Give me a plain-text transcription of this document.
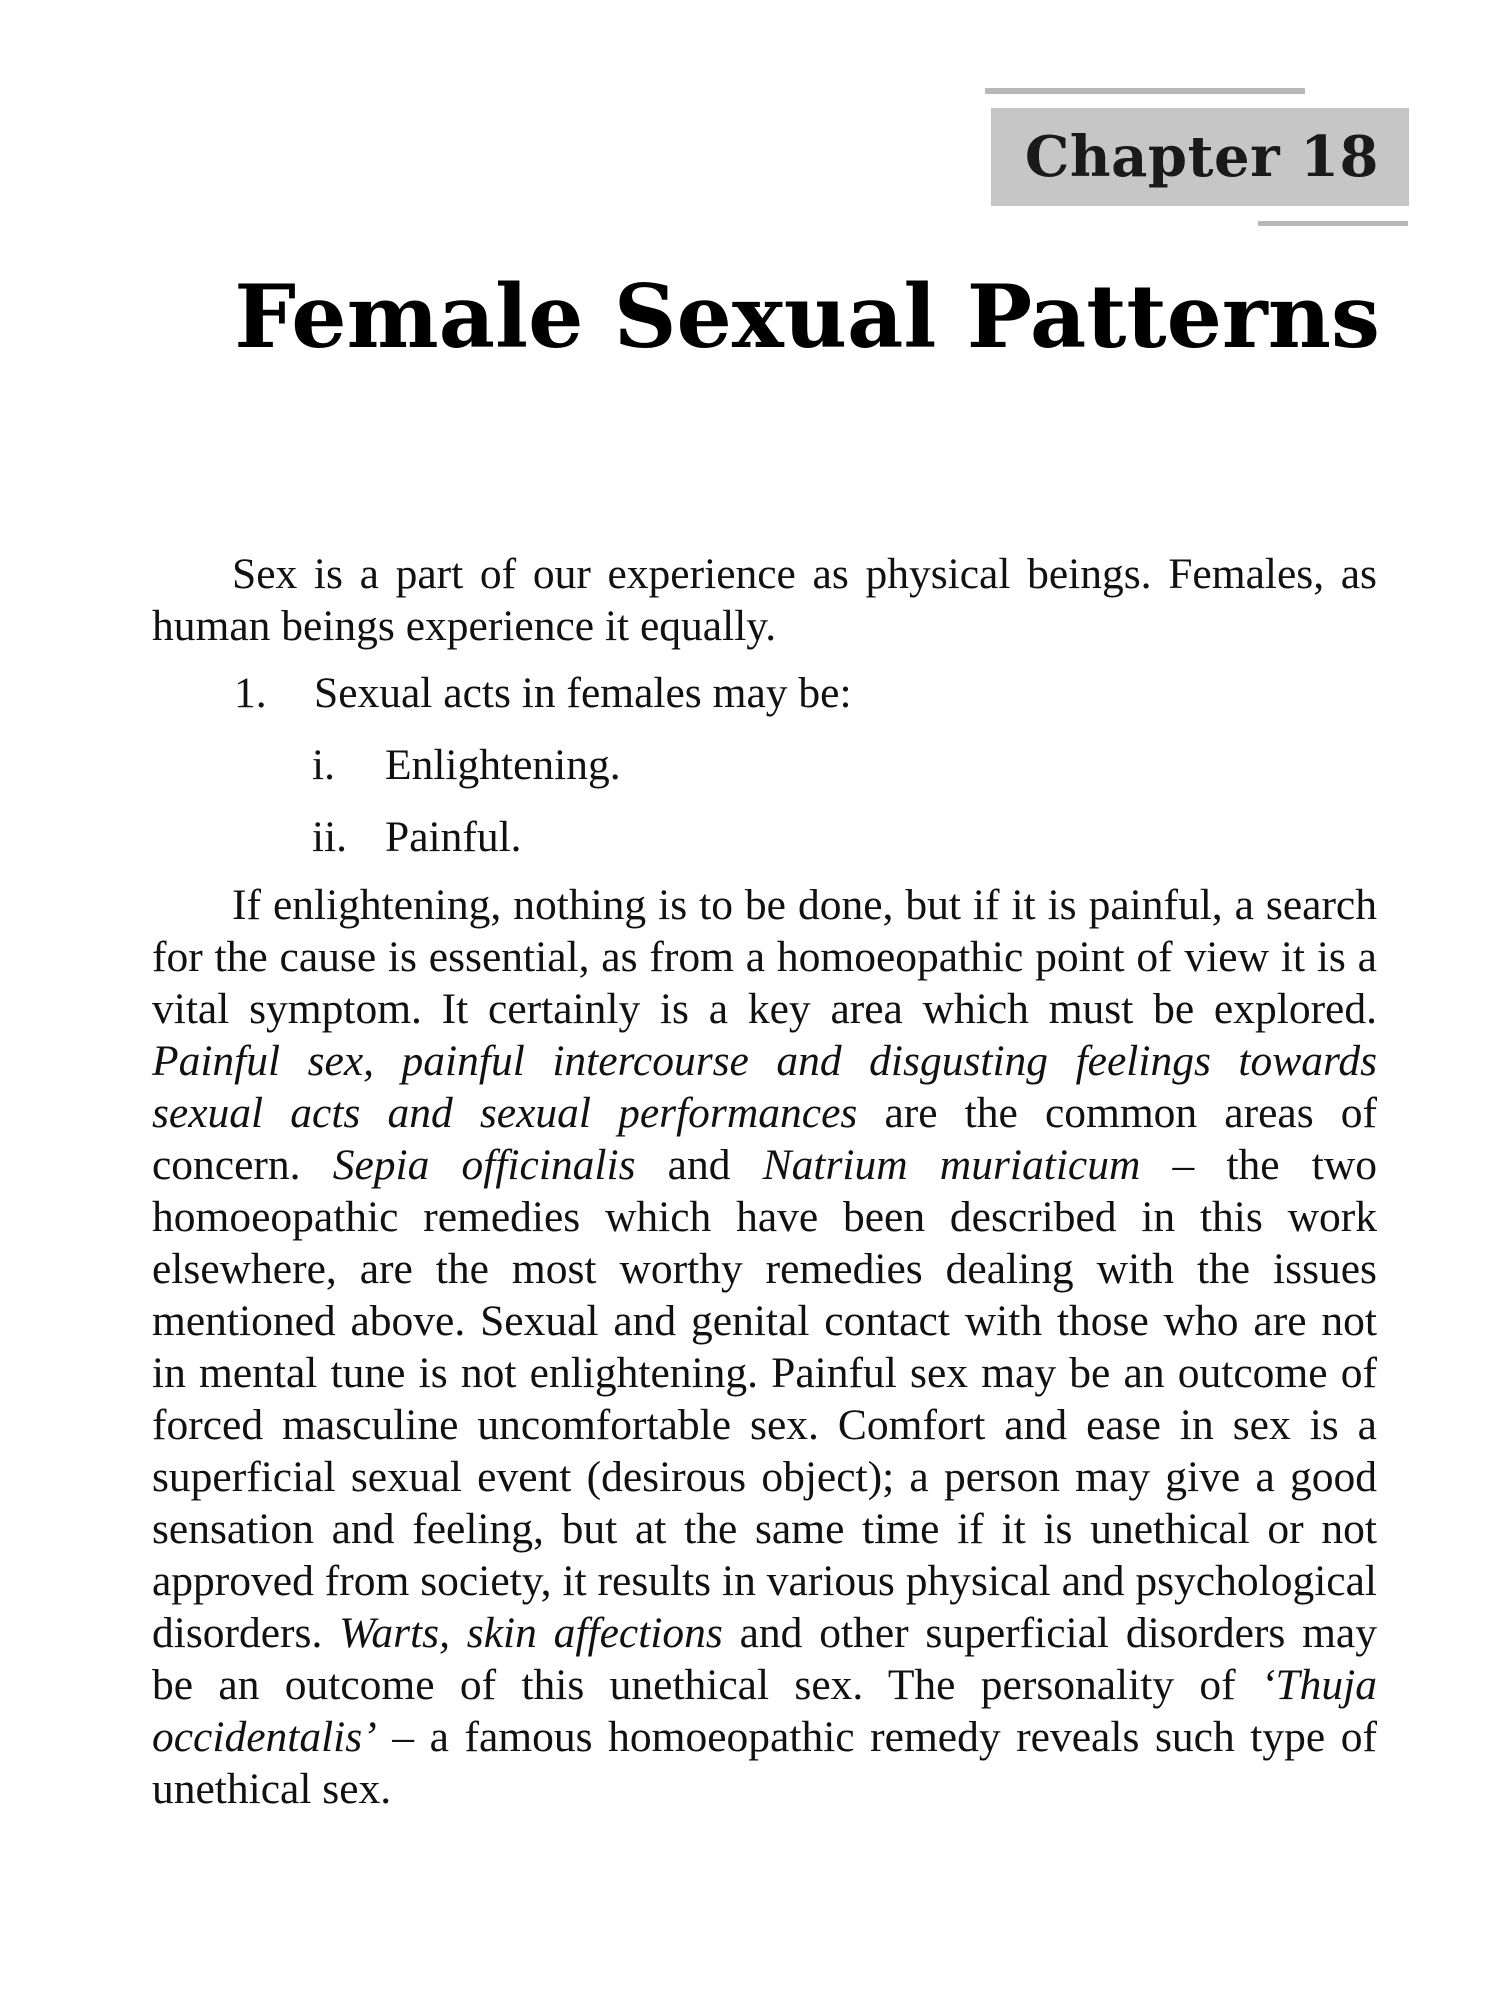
Chapter 18
Female Sexual Patterns

Sex is a part of our experience as physical beings. Females, as human beings experience it equally.

1.	Sexual acts in females may be:
i.	Enlightening.
ii. Painful.

If enlightening, nothing is to be done, but if it is painful, a search for the cause is essential, as from a homoeopathic point of view it is a vital symptom. It certainly is a key area which must be explored. Painful sex, painful intercourse and disgusting feelings towards sexual acts and sexual performances are the common areas of concern. Sepia officinalis and Natrium muriaticum – the two homoeopathic remedies which have been described in this work elsewhere, are the most worthy remedies dealing with the issues mentioned above. Sexual and genital contact with those who are not in mental tune is not enlightening. Painful sex may be an outcome of forced masculine uncomfortable sex. Comfort and ease in sex is a superficial sexual event (desirous object); a person may give a good sensation and feeling, but at the same time if it is unethical or not approved from society, it results in various physical and psychological disorders. Warts, skin affections and other superficial disorders may be an outcome of this unethical sex. The personality of ‘Thuja occidentalis’ – a famous homoeopathic remedy reveals such type of unethical sex.
